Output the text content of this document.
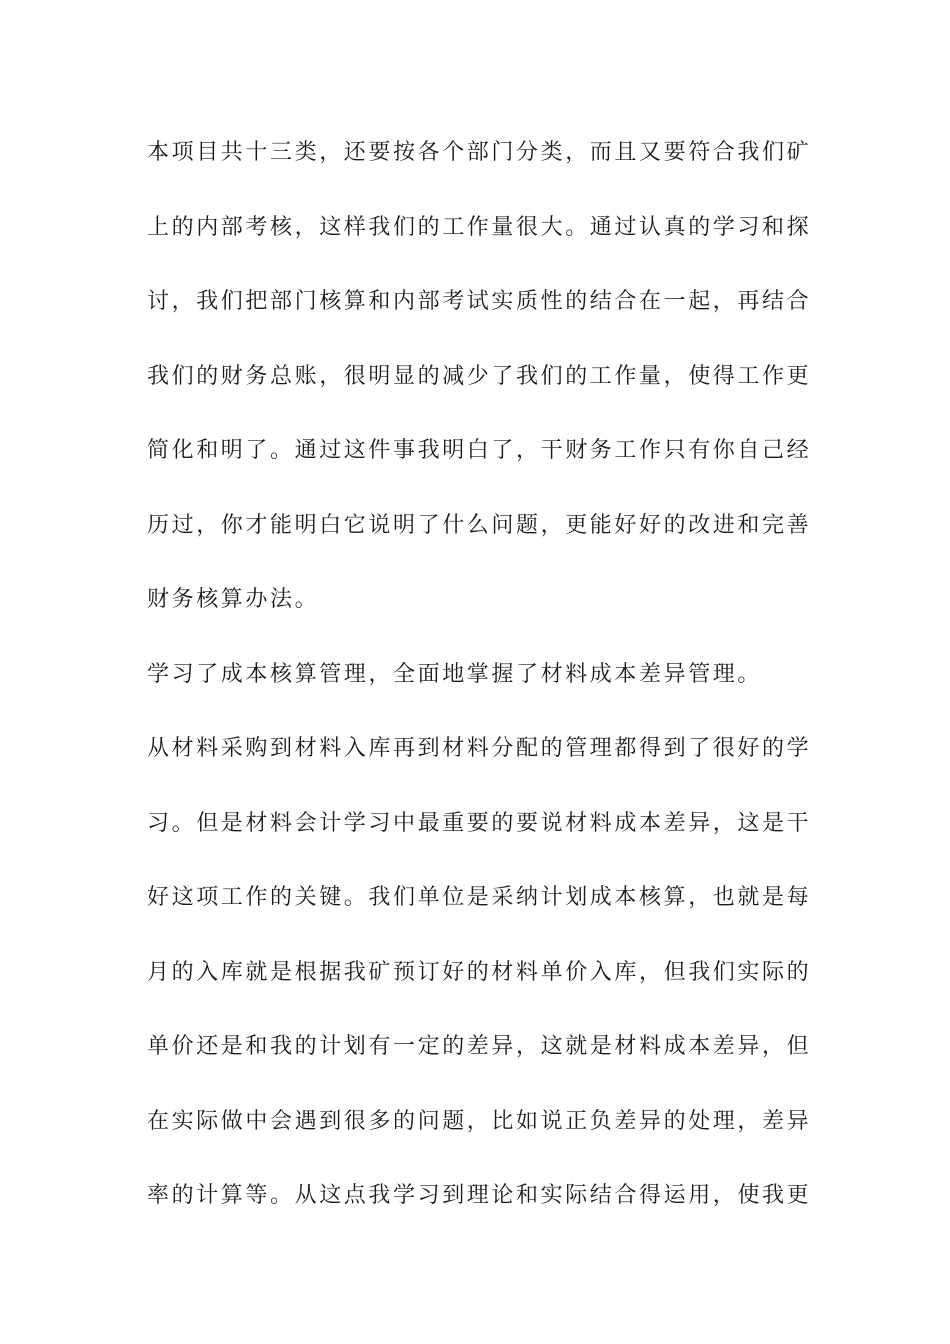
本项目共十三类，还要按各个部门分类，而且又要符合我们矿
上的内部考核，这样我们的工作量很大。通过认真的学习和探
讨，我们把部门核算和内部考试实质性的结合在一起，再结合
我们的财务总账，很明显的减少了我们的工作量，使得工作更
简化和明了。通过这件事我明白了，干财务工作只有你自己经
历过，你才能明白它说明了什么问题，更能好好的改进和完善
财务核算办法。
学习了成本核算管理，全面地掌握了材料成本差异管理。
从材料采购到材料入库再到材料分配的管理都得到了很好的学
习。但是材料会计学习中最重要的要说材料成本差异，这是干
好这项工作的关键。我们单位是采纳计划成本核算，也就是每
月的入库就是根据我矿预订好的材料单价入库，但我们实际的
单价还是和我的计划有一定的差异，这就是材料成本差异，但
在实际做中会遇到很多的问题，比如说正负差异的处理，差异
率的计算等。从这点我学习到理论和实际结合得运用，使我更
